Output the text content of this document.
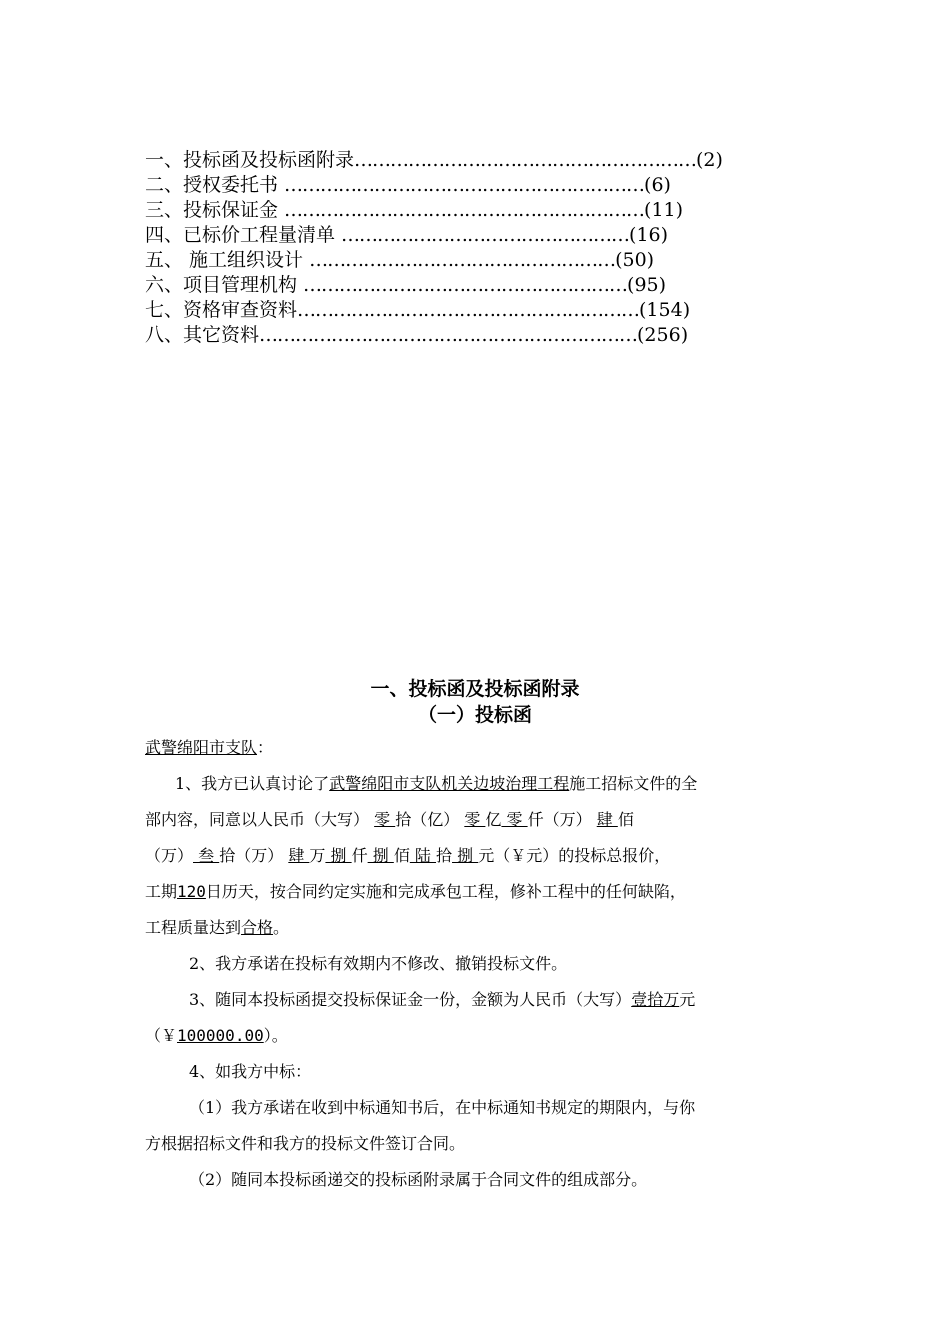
一、投标函及投标函附录…………………………………………………(2)
二、授权委托书 ……………………………………………………(6)
三、投标保证金 ……………………………………………………(11)
四、已标价工程量清单 …………………………………………(16)
五、 施工组织设计 ……………………………………………(50)
六、项目管理机构 ………………………………………………(95)
七、资格审查资料…………………………………………………(154)
八、其它资料………………………………………………………(256)
一、投标函及投标函附录
（一）投标函
武警绵阳市支队：
1、我方已认真讨论了武警绵阳市支队机关边坡治理工程施工招标文件的全
部内容，同意以人民币（大写） 零 拾（亿） 零 亿 零 仟（万） 肆 佰
（万） 叁 拾（万） 肆 万 捌 仟 捌 佰 陆 拾 捌 元（￥元）的投标总报价，
工期120日历天，按合同约定实施和完成承包工程，修补工程中的任何缺陷，
工程质量达到合格。
2、我方承诺在投标有效期内不修改、撤销投标文件。
3、随同本投标函提交投标保证金一份，金额为人民币（大写）壹拾万元
（￥100000.00）。
4、如我方中标：
（1）我方承诺在收到中标通知书后，在中标通知书规定的期限内，与你
方根据招标文件和我方的投标文件签订合同。
（2）随同本投标函递交的投标函附录属于合同文件的组成部分。
